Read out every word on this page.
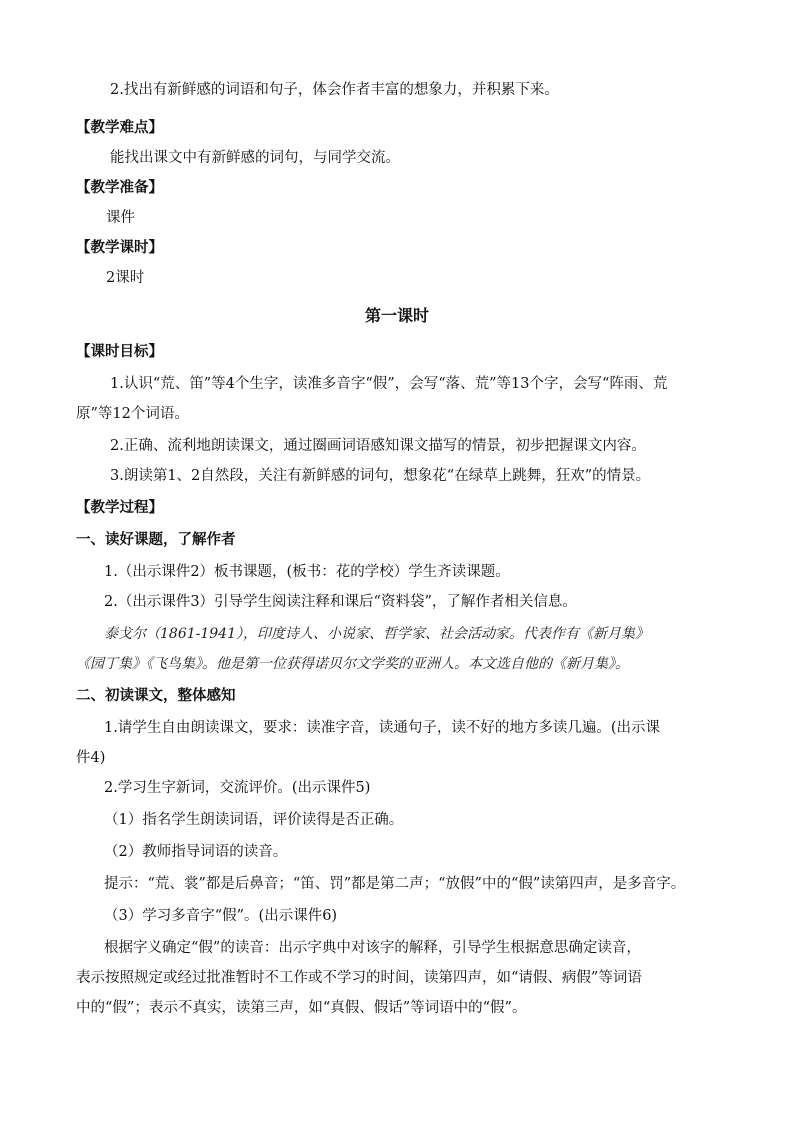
2.找出有新鲜感的词语和句子，体会作者丰富的想象力，并积累下来。
【教学难点】
能找出课文中有新鲜感的词句，与同学交流。
【教学准备】
课件
【教学课时】
2课时
第一课时
【课时目标】
1.认识“荒、笛”等4个生字，读准多音字“假”，会写“落、荒”等13个字，会写“阵雨、荒
原”等12个词语。
2.正确、流利地朗读课文，通过圈画词语感知课文描写的情景，初步把握课文内容。
3.朗读第1、2自然段，关注有新鲜感的词句，想象花“在绿草上跳舞，狂欢”的情景。
【教学过程】
一、读好课题，了解作者
1.（出示课件2）板书课题，(板书：花的学校）学生齐读课题。
2.（出示课件3）引导学生阅读注释和课后“资料袋”，了解作者相关信息。
泰戈尔（1861-1941），印度诗人、小说家、哲学家、社会活动家。代表作有《新月集》
《园丁集》《飞鸟集》。他是第一位获得诺贝尔文学奖的亚洲人。本文选自他的《新月集》。
二、初读课文，整体感知
1.请学生自由朗读课文，要求：读准字音，读通句子，读不好的地方多读几遍。(出示课
件4)
2.学习生字新词，交流评价。(出示课件5)
（1）指名学生朗读词语，评价读得是否正确。
（2）教师指导词语的读音。
提示：“荒、裳”都是后鼻音；“笛、罚”都是第二声；“放假”中的“假”读第四声，是多音字。
（3）学习多音字“假”。(出示课件6)
根据字义确定“假”的读音：出示字典中对该字的解释，引导学生根据意思确定读音，
表示按照规定或经过批准暂时不工作或不学习的时间，读第四声，如“请假、病假”等词语
中的“假”；表示不真实，读第三声，如“真假、假话”等词语中的“假”。
